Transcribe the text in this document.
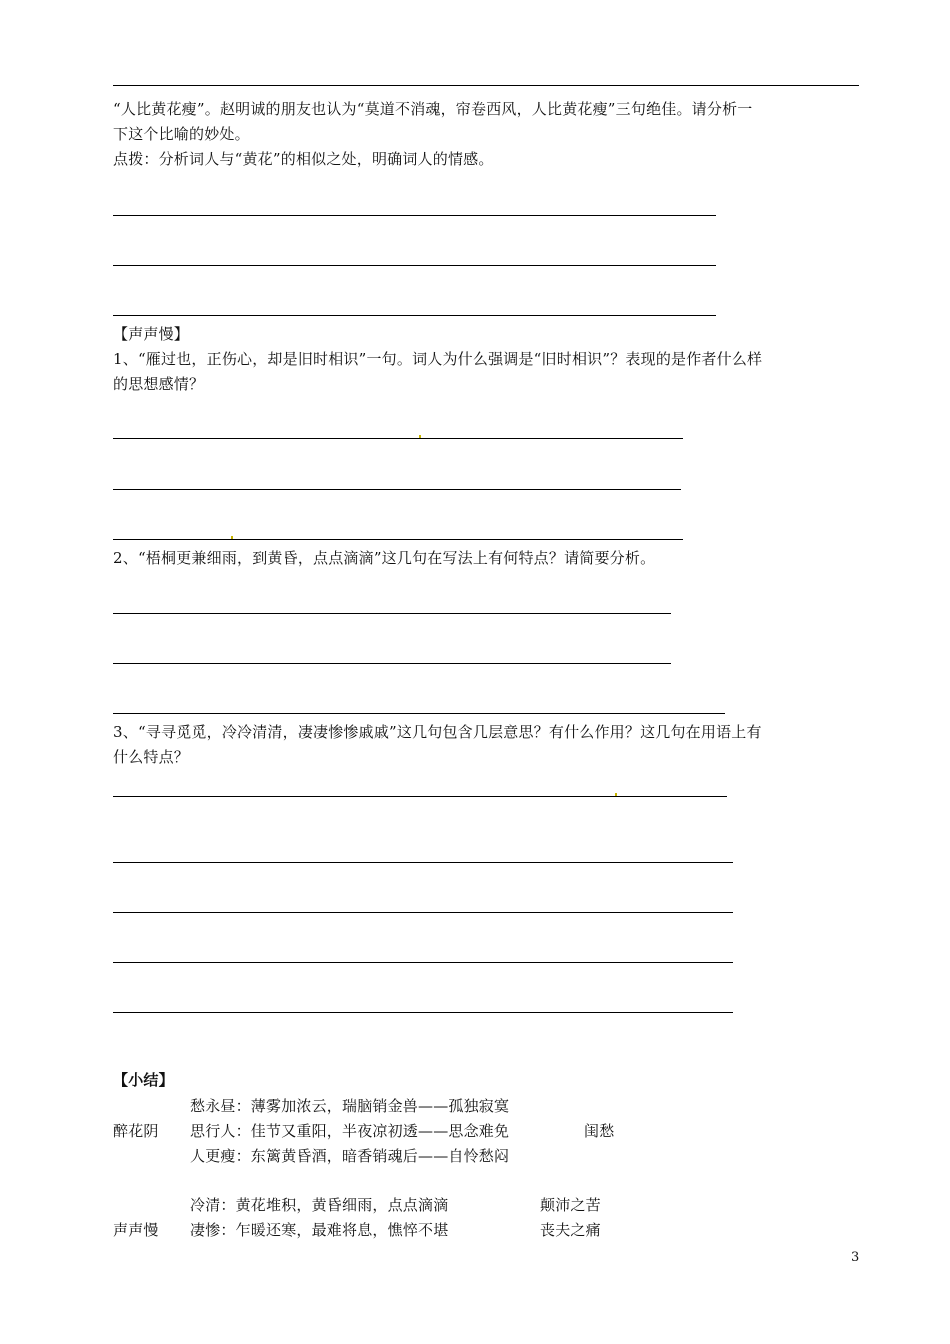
“人比黄花瘦”。赵明诚的朋友也认为“莫道不消魂，帘卷西风，人比黄花瘦”三句绝佳。请分析一
下这个比喻的妙处。
点拨：分析词人与“黄花”的相似之处，明确词人的情感。
【声声慢】
1、“雁过也，正伤心，却是旧时相识”一句。词人为什么强调是“旧时相识”？表现的是作者什么样
的思想感情？
2、“梧桐更兼细雨，到黄昏，点点滴滴”这几句在写法上有何特点？请简要分析。
3、“寻寻觅觅，冷冷清清，凄凄惨惨戚戚”这几句包含几层意思？有什么作用？这几句在用语上有
什么特点？
【小结】
愁永昼：薄雾加浓云，瑞脑销金兽——孤独寂寞
醉花阴 思行人：佳节又重阳，半夜凉初透——思念难免	闺愁
人更瘦：东篱黄昏酒，暗香销魂后——自怜愁闷
冷清：黄花堆积，黄昏细雨，点点滴滴	颠沛之苦
声声慢 凄惨：乍暖还寒，最难将息，憔悴不堪	丧夫之痛
3
